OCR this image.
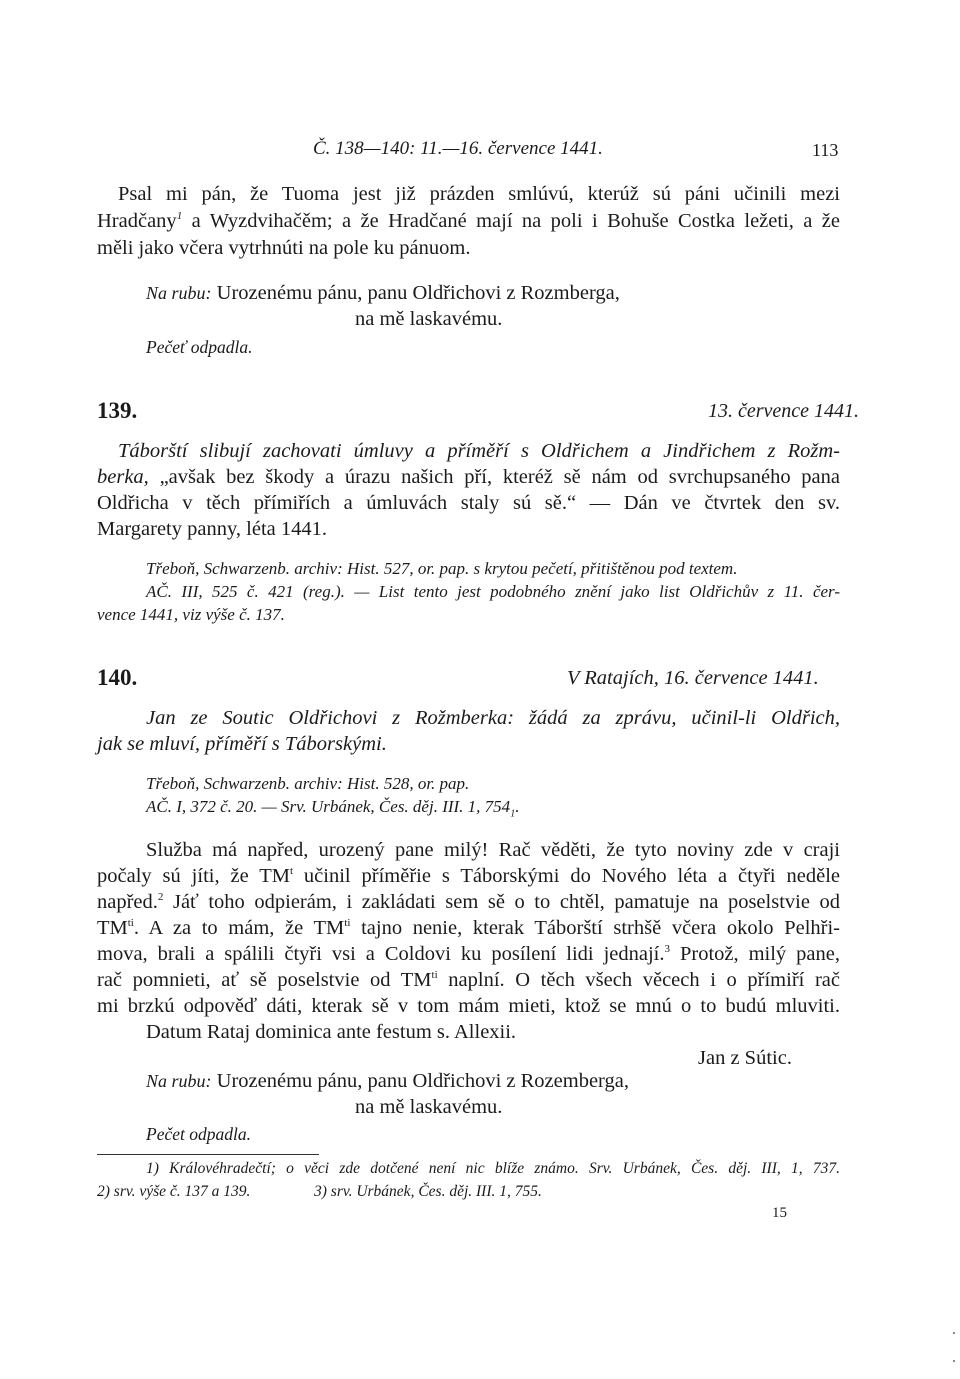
Č. 138—140: 11.—16. července 1441.	113
Psal mi pán, že Tuoma jest již prázden smlúvú, kterúž sú páni učinili mezi
Hradčany$^1$ a Wyzdvihačěm; a že Hradčané mají na poli i Bohuše Costka ležeti, a že
měli jako včera vytrhnúti na pole ku pánuom.
Na rubu: Urozenému pánu, panu Oldřichovi z Rozmberga,
na mě laskavému.
Pečeť odpadla.
139.	13. července 1441.
Táborští slibují zachovati úmluvy a příměří s Oldřichem a Jindřichem z Rožm-
berka, „avšak bez škody a úrazu našich pří, kteréž sě nám od svrchupsaného pana
Oldřicha v těch přímiřích a úmluvách staly sú sě.“ — Dán ve čtvrtek den sv.
Margarety panny, léta 1441.
Třeboň, Schwarzenb. archiv: Hist. 527, or. pap. s krytou pečetí, přitištěnou pod textem.
AČ. III, 525 č. 421 (reg.). — List tento jest podobného znění jako list Oldřichův z 11. čer-
vence 1441, viz výše č. 137.
140.	V Ratajích, 16. července 1441.
Jan ze Soutic Oldřichovi z Rožmberka: žádá za zprávu, učinil-li Oldřich,
jak se mluví, příměří s Táborskými.
Třeboň, Schwarzenb. archiv: Hist. 528, or. pap.
AČ. I, 372 č. 20. — Srv. Urbánek, Čes. děj. III. 1, $754_1$.
Služba má napřed, urozený pane milý! Rač věděti, že tyto noviny zde v craji
počaly sú jíti, že $TM^t$ učinil příměřie s Táborskými do Nového léta a čtyři neděle
napřed.$^2$ Jáť toho odpierám, i zakládati sem sě o to chtěl, pamatuje na poselstvie od
$TM^{ti}$. A za to mám, že $TM^{ti}$ tajno nenie, kterak Táborští strhšě včera okolo Pelhři-
mova, brali a spálili čtyři vsi a Coldovi ku posílení lidi jednají.$^3$ Protož, milý pane,
rač pomnieti, ať sě poselstvie od $TM^{ti}$ naplní. O těch všech věcech i o přímiří rač
mi brzkú odpověď dáti, kterak sě v tom mám mieti, ktož se mnú o to budú mluviti.
Datum Rataj dominica ante festum s. Allexii.
Jan z Sútic.
Na rubu: Urozenému pánu, panu Oldřichovi z Rozemberga,
na mě laskavému.
Pečet odpadla.
1) Královéhradečtí; o věci zde dotčené není nic blíže známo. Srv. Urbánek, Čes. děj. III, 1, 737.
2) srv. výše č. 137 a 139.	3) srv. Urbánek, Čes. děj. III. 1, 755.
15
